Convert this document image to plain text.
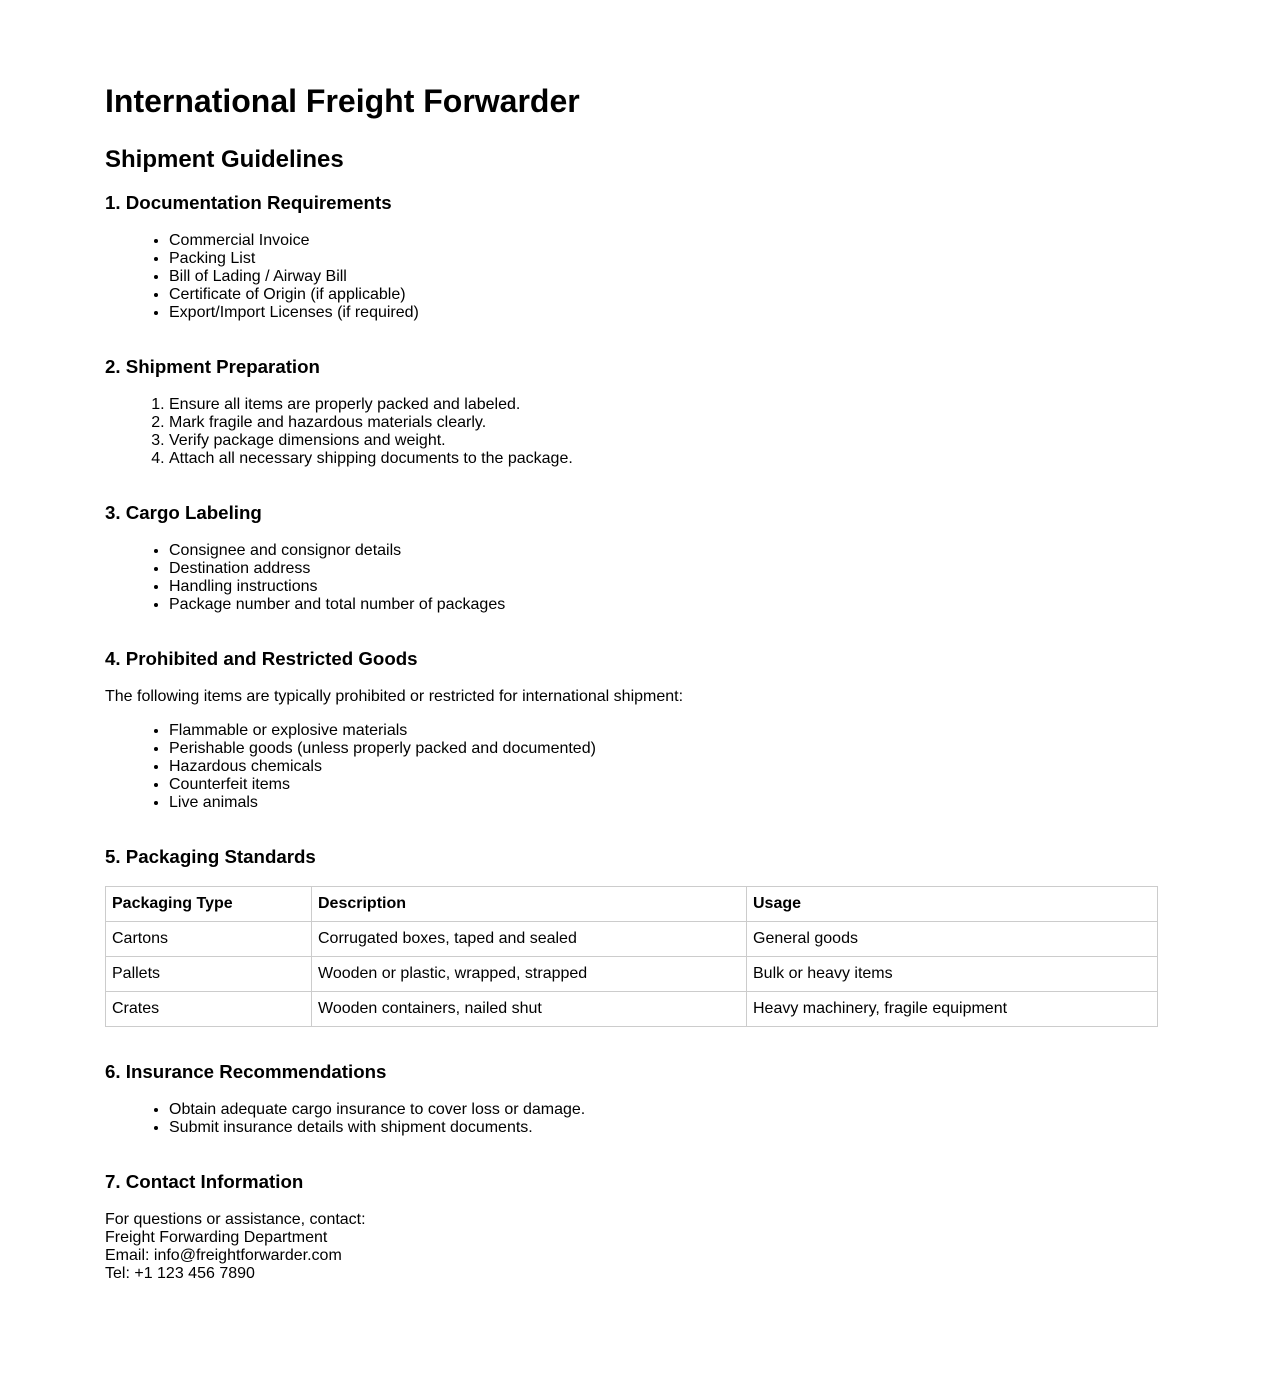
International Freight Forwarder
Shipment Guidelines
1. Documentation Requirements
• Commercial Invoice
• Packing List
• Bill of Lading / Airway Bill
• Certificate of Origin (if applicable)
• Export/Import Licenses (if required)
2. Shipment Preparation
1. Ensure all items are properly packed and labeled.
2. Mark fragile and hazardous materials clearly.
3. Verify package dimensions and weight.
4. Attach all necessary shipping documents to the package.
3. Cargo Labeling
• Consignee and consignor details
• Destination address
• Handling instructions
• Package number and total number of packages
4. Prohibited and Restricted Goods

The following items are typically prohibited or restricted for international shipment:

• Flammable or explosive materials
• Perishable goods (unless properly packed and documented)
• Hazardous chemicals
• Counterfeit items
• Live animals
5. Packaging Standards
Packaging Type	Description	Usage
Cartons	Corrugated boxes, taped and sealed	General goods
Pallets	Wooden or plastic, wrapped, strapped	Bulk or heavy items
Crates	Wooden containers, nailed shut	Heavy machinery, fragile equipment
6. Insurance Recommendations
• Obtain adequate cargo insurance to cover loss or damage.
• Submit insurance details with shipment documents.
7. Contact Information

For questions or assistance, contact:

Freight Forwarding Department

Email: info@freightforwarder.com

Tel: +1 123 456 7890
